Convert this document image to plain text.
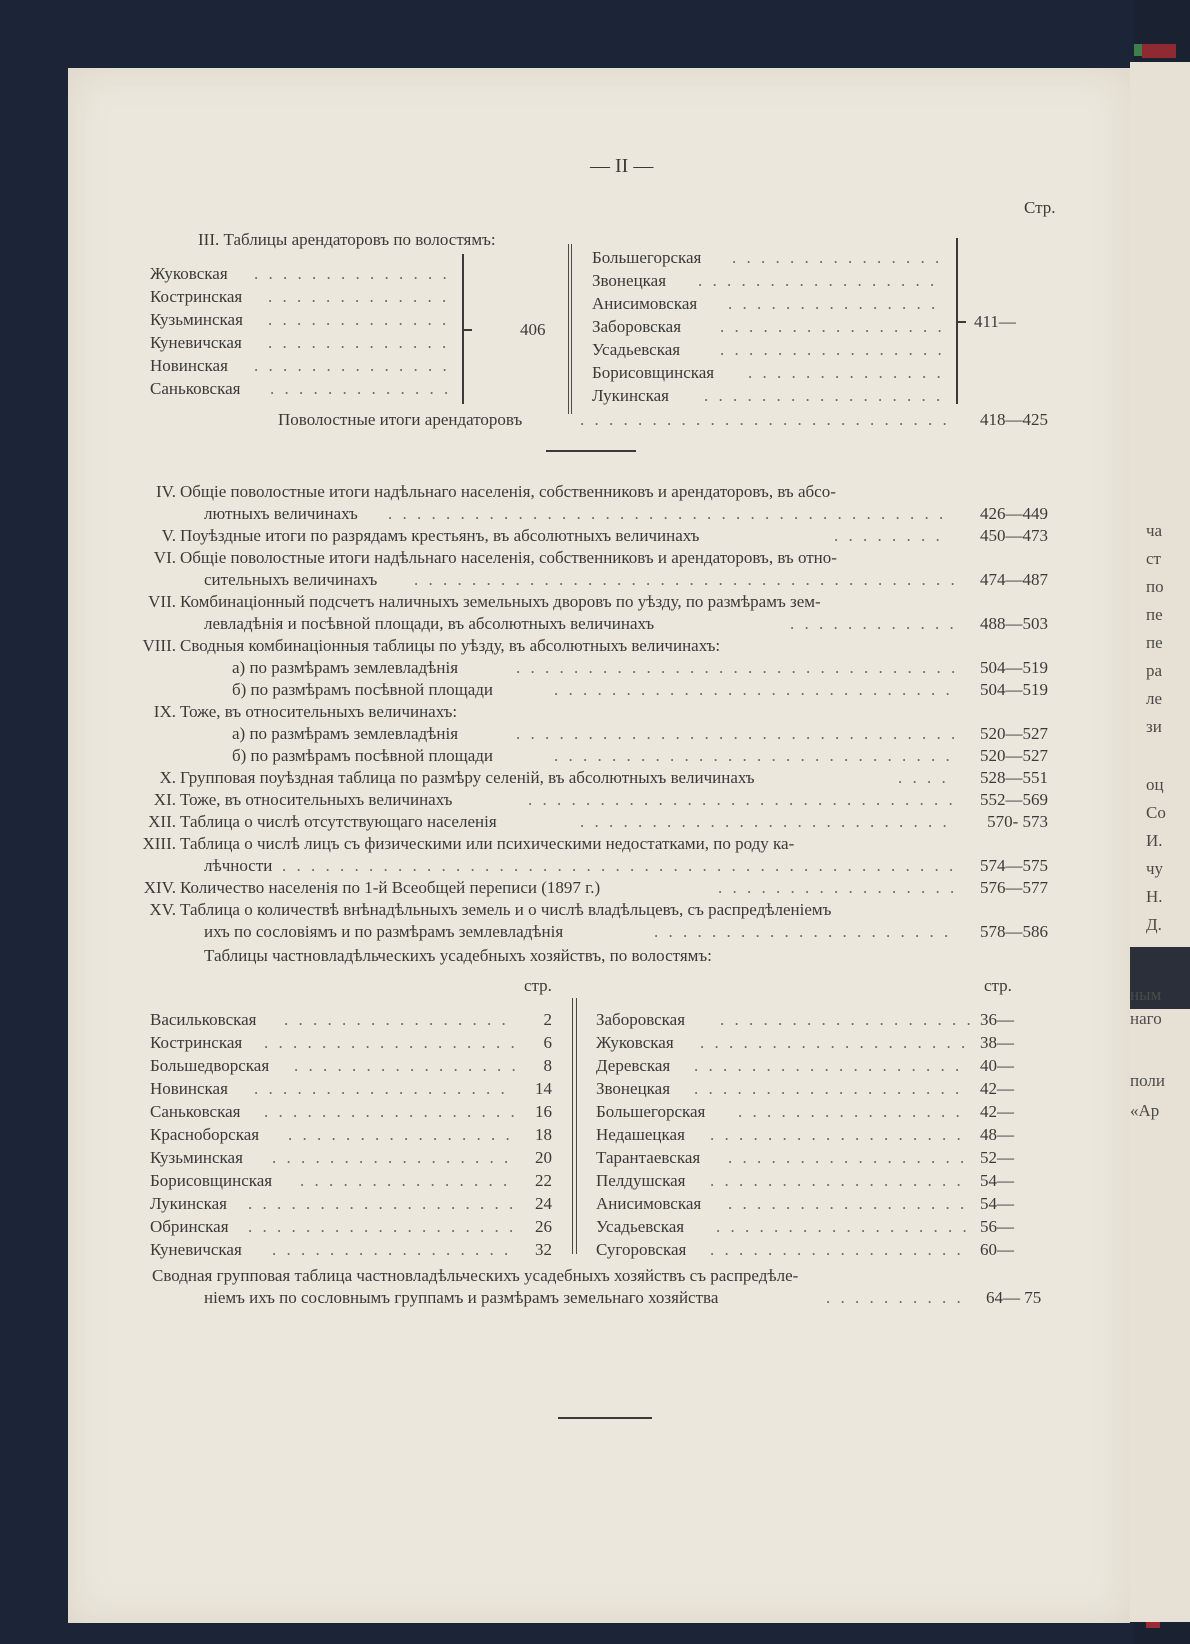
ча
ст
по
пе
пе
ра
ле
зи
оц
Со
И.
чу
Н.
Д.
ным
наго
поли
«Ар
— II —
Стр.
III. Таблицы арендаторовъ по волостямъ:
Жуковская
. . .
Костринская
. . .
Кузьминская
. . .
Куневичская
. . .
Новинская
. . .
Саньковская
. . .
406
Большегорская
. . .
Звонецкая
. . .
Анисимовская
. . .
Заборовская
. . .
Усадьевская
. . .
Борисовщинская
. . .
Лукинская
. . .
411—
Поволостные итоги арендаторовъ . . .	418—425
IV. Общіе поволостные итоги надѣльнаго населенія, собственниковъ и арендаторовъ, въ абсо-
лютныхъ величинахъ . . .	426—449
V. Поуѣздные итоги по разрядамъ крестьянъ, въ абсолютныхъ величинахъ . . .	450—473
VI. Общіе поволостные итоги надѣльнаго населенія, собственниковъ и арендаторовъ, въ отно-
сительныхъ величинахъ . . .	474—487
VII. Комбинаціонный подсчетъ наличныхъ земельныхъ дворовъ по уѣзду, по размѣрамъ зем-
левладѣнія и посѣвной площади, въ абсолютныхъ величинахъ . . .	488—503
VIII. Сводныя комбинаціонныя таблицы по уѣзду, въ абсолютныхъ величинахъ:
а) по размѣрамъ землевладѣнія . . .	504—519
б) по размѣрамъ посѣвной площади . . .	504—519
IX. Тоже, въ относительныхъ величинахъ:
а) по размѣрамъ землевладѣнія . . .	520—527
б) по размѣрамъ посѣвной площади . . .	520—527
X. Групповая поуѣздная таблица по размѣру селеній, въ абсолютныхъ величинахъ . . .	528—551
XI. Тоже, въ относительныхъ величинахъ . . .	552—569
XII. Таблица о числѣ отсутствующаго населенія . . .	570- 573
XIII. Таблица о числѣ лицъ съ физическими или психическими недостатками, по роду ка-
лѣчности . . .	574—575
XIV. Количество населенія по 1-й Всеобщей переписи (1897 г.) . . .	576—577
XV. Таблица о количествѣ внѣнадѣльныхъ земель и о числѣ владѣльцевъ, съ распредѣленіемъ
ихъ по сословіямъ и по размѣрамъ землевладѣнія . . .	578—586
Таблицы частновладѣльческихъ усадебныхъ хозяйствъ, по волостямъ:
стр.	стр.
Васильковская . . .	2
Костринская . . .	6
Большедворская . . .	8
Новинская . . .	14
Саньковская . . .	16
Красноборская . . .	18
Кузьминская . . .	20
Борисовщинская . . .	22
Лукинская . . .	24
Обринская . . .	26
Куневичская . . .	32
Заборовская . . .	36—
Жуковская . . .	38—
Деревская . . .	40—
Звонецкая . . .	42—
Большегорская . . .	42—
Недашецкая . . .	48—
Тарантаевская . . .	52—
Пелдушская . . .	54—
Анисимовская . . .	54—
Усадьевская . . .	56—
Сугоровская . . .	60—
Сводная групповая таблица частновладѣльческихъ усадебныхъ хозяйствъ съ распредѣле-
ніемъ ихъ по сословнымъ группамъ и размѣрамъ земельнаго хозяйства . . .	64— 75
